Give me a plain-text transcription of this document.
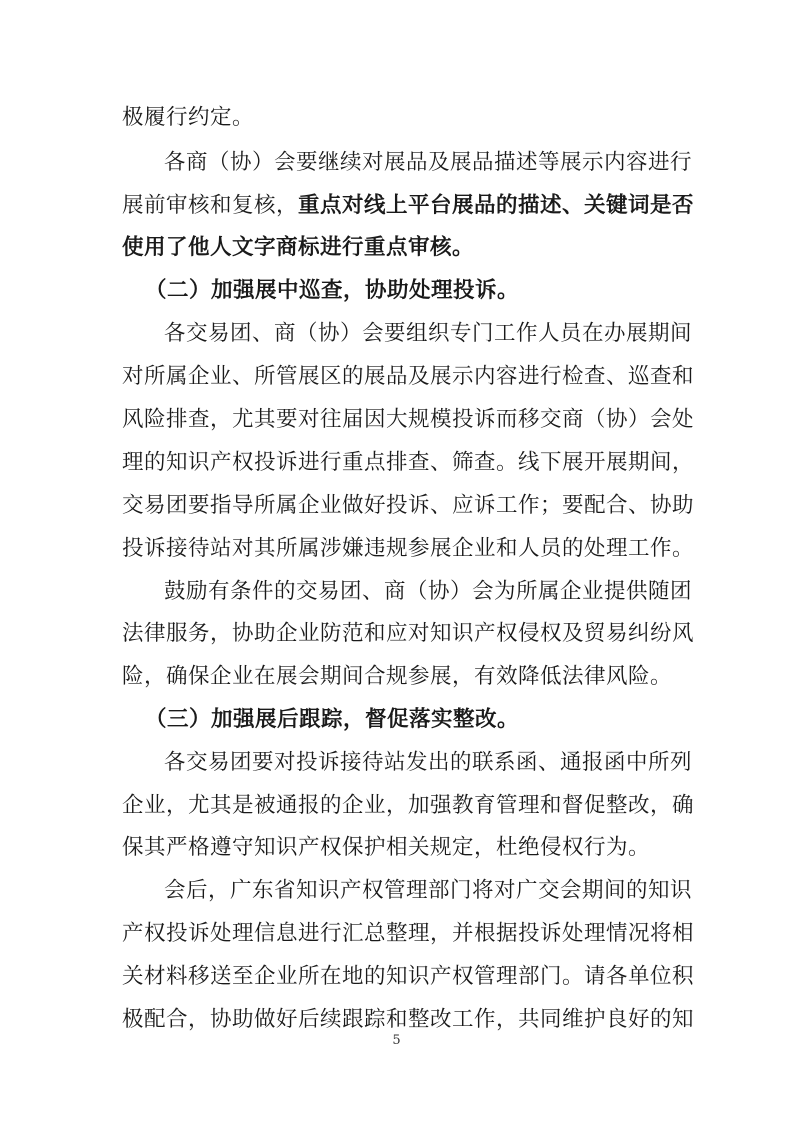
极履行约定。
各商（协）会要继续对展品及展品描述等展示内容进行
展前审核和复核，重点对线上平台展品的描述、关键词是否
使用了他人文字商标进行重点审核。
（二）加强展中巡查，协助处理投诉。
各交易团、商（协）会要组织专门工作人员在办展期间
对所属企业、所管展区的展品及展示内容进行检查、巡查和
风险排查，尤其要对往届因大规模投诉而移交商（协）会处
理的知识产权投诉进行重点排查、筛查。线下展开展期间，
交易团要指导所属企业做好投诉、应诉工作；要配合、协助
投诉接待站对其所属涉嫌违规参展企业和人员的处理工作。
鼓励有条件的交易团、商（协）会为所属企业提供随团
法律服务，协助企业防范和应对知识产权侵权及贸易纠纷风
险，确保企业在展会期间合规参展，有效降低法律风险。
（三）加强展后跟踪，督促落实整改。
各交易团要对投诉接待站发出的联系函、通报函中所列
企业，尤其是被通报的企业，加强教育管理和督促整改，确
保其严格遵守知识产权保护相关规定，杜绝侵权行为。
会后，广东省知识产权管理部门将对广交会期间的知识
产权投诉处理信息进行汇总整理，并根据投诉处理情况将相
关材料移送至企业所在地的知识产权管理部门。请各单位积
极配合，协助做好后续跟踪和整改工作，共同维护良好的知
5
